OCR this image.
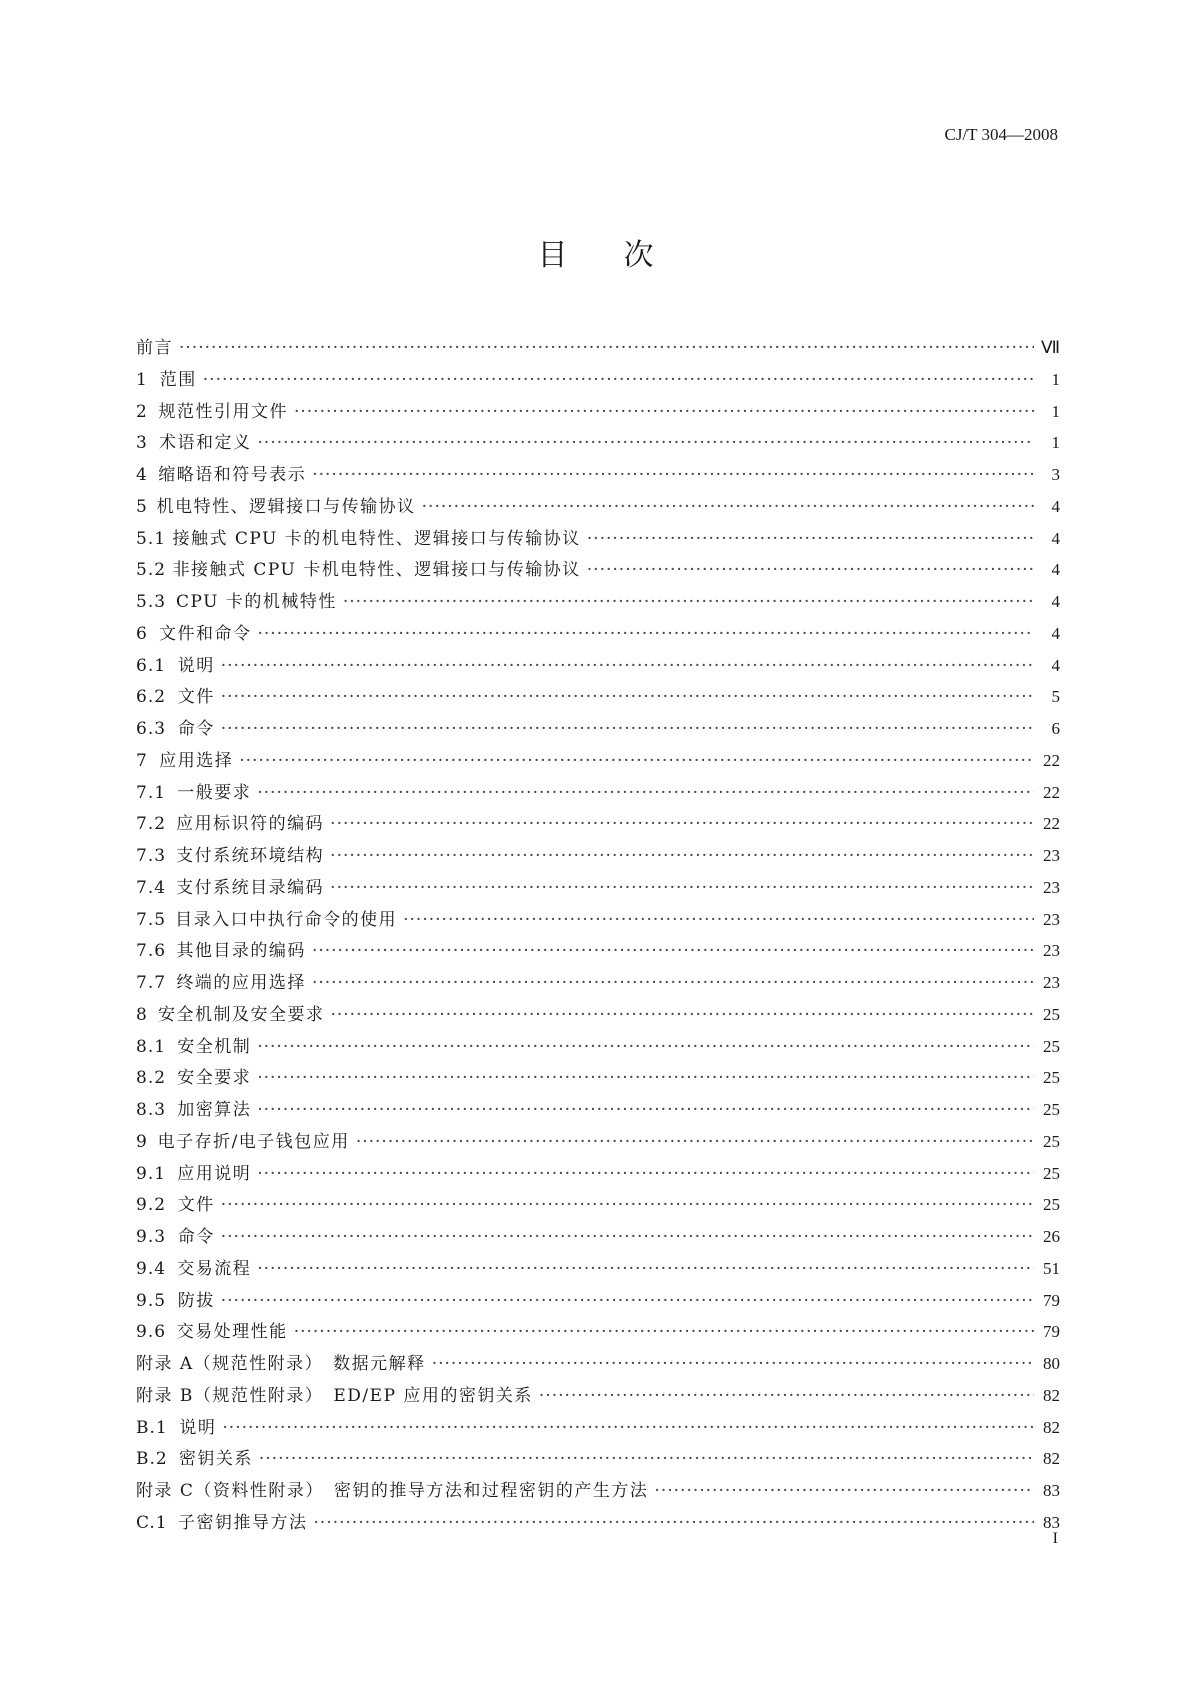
CJ/T 304—2008
目次
前言 ·····	Ⅶ
1 范围 ·····	1
2 规范性引用文件 ·····	1
3 术语和定义 ·····	1
4 缩略语和符号表示 ·····	3
5 机电特性、逻辑接口与传输协议 ·····	4
5.1 接触式 CPU 卡的机电特性、逻辑接口与传输协议 ·····	4
5.2 非接触式 CPU 卡机电特性、逻辑接口与传输协议 ·····	4
5.3 CPU 卡的机械特性 ·····	4
6 文件和命令 ·····	4
6.1 说明 ·····	4
6.2 文件 ·····	5
6.3 命令 ·····	6
7 应用选择 ·····	22
7.1 一般要求 ·····	22
7.2 应用标识符的编码 ·····	22
7.3 支付系统环境结构 ·····	23
7.4 支付系统目录编码 ·····	23
7.5 目录入口中执行命令的使用 ·····	23
7.6 其他目录的编码 ·····	23
7.7 终端的应用选择 ·····	23
8 安全机制及安全要求 ·····	25
8.1 安全机制 ·····	25
8.2 安全要求 ·····	25
8.3 加密算法 ·····	25
9 电子存折/电子钱包应用 ·····	25
9.1 应用说明 ·····	25
9.2 文件 ·····	25
9.3 命令 ·····	26
9.4 交易流程 ·····	51
9.5 防拔 ·····	79
9.6 交易处理性能 ·····	79
附录 A（规范性附录）　数据元解释 ·····	80
附录 B（规范性附录）　ED/EP 应用的密钥关系 ·····	82
B.1 说明 ·····	82
B.2 密钥关系 ·····	82
附录 C（资料性附录）　密钥的推导方法和过程密钥的产生方法 ·····	83
C.1 子密钥推导方法 ·····	83
I
